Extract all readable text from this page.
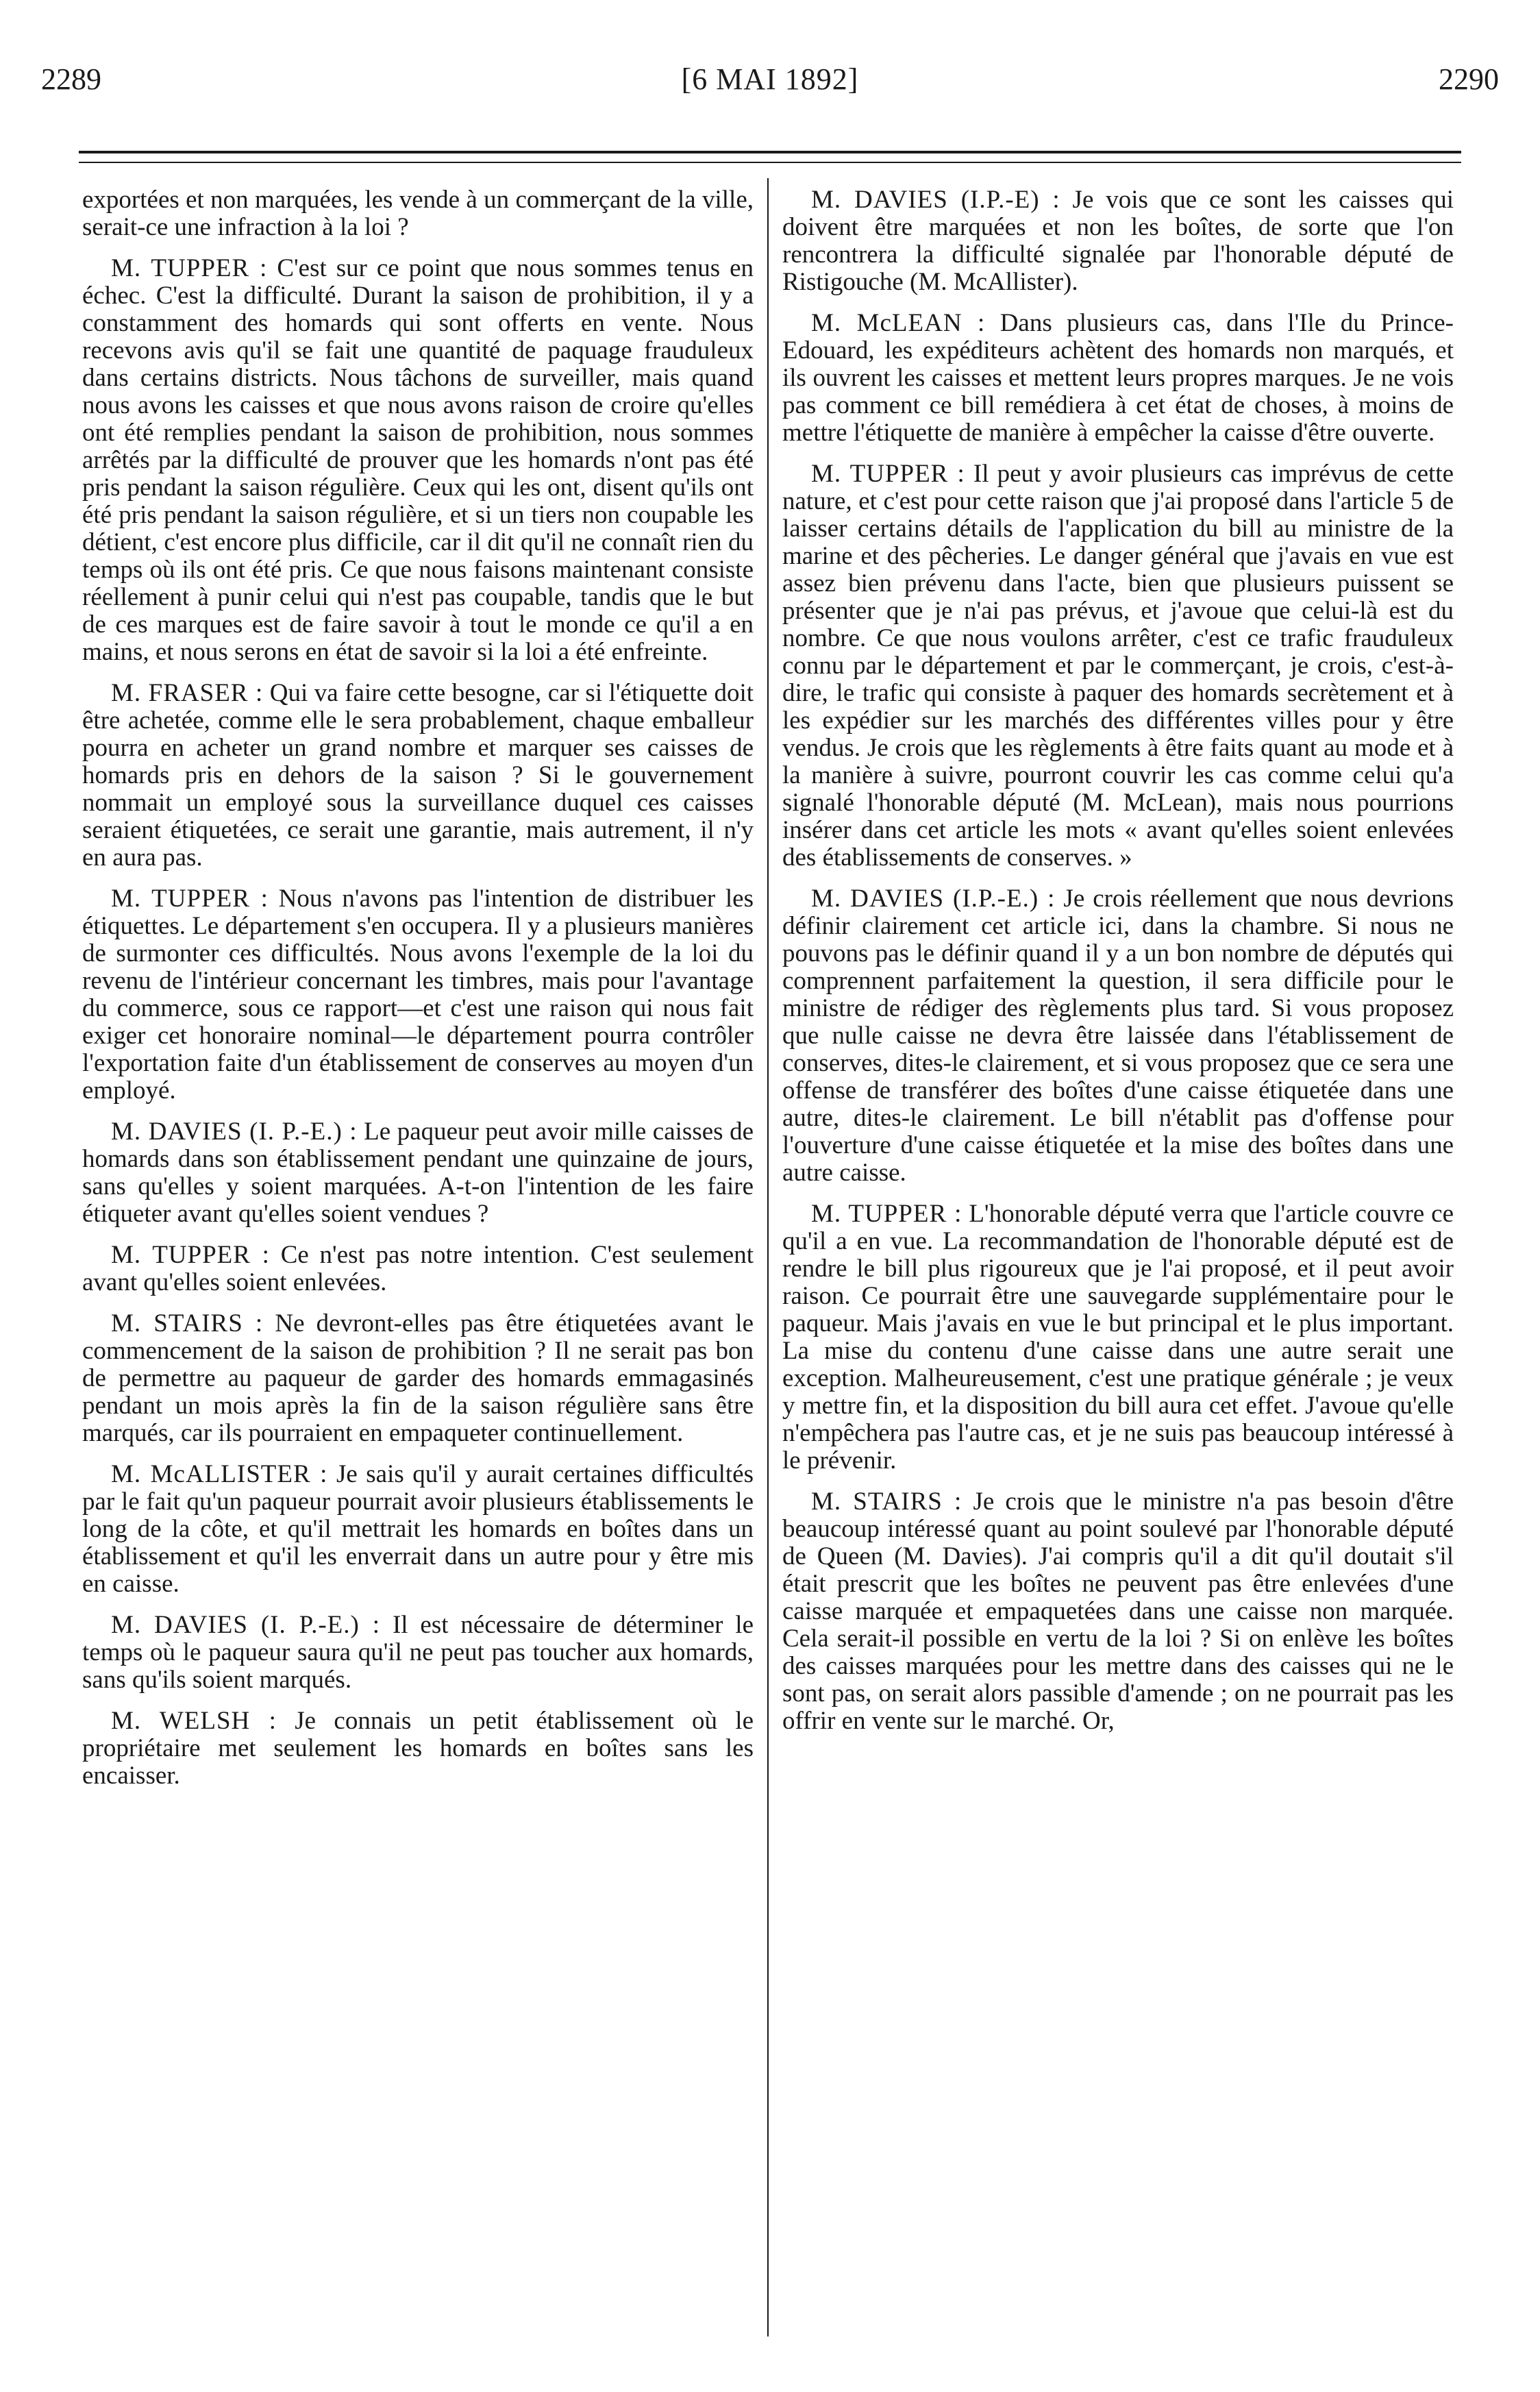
2289	[6 MAI 1892]	2290

exportées et non marquées, les vende à un commerçant de la ville, serait-ce une infraction à la loi ?

M. TUPPER : C'est sur ce point que nous sommes tenus en échec. C'est la difficulté. Durant la saison de prohibition, il y a constamment des homards qui sont offerts en vente. Nous recevons avis qu'il se fait une quantité de paquage frauduleux dans certains districts. Nous tâchons de surveiller, mais quand nous avons les caisses et que nous avons raison de croire qu'elles ont été remplies pendant la saison de prohibition, nous sommes arrêtés par la difficulté de prouver que les homards n'ont pas été pris pendant la saison régulière. Ceux qui les ont, disent qu'ils ont été pris pendant la saison régulière, et si un tiers non coupable les détient, c'est encore plus difficile, car il dit qu'il ne connaît rien du temps où ils ont été pris. Ce que nous faisons maintenant consiste réellement à punir celui qui n'est pas coupable, tandis que le but de ces marques est de faire savoir à tout le monde ce qu'il a en mains, et nous serons en état de savoir si la loi a été enfreinte.

M. FRASER : Qui va faire cette besogne, car si l'étiquette doit être achetée, comme elle le sera probablement, chaque emballeur pourra en acheter un grand nombre et marquer ses caisses de homards pris en dehors de la saison ? Si le gouvernement nommait un employé sous la surveillance duquel ces caisses seraient étiquetées, ce serait une garantie, mais autrement, il n'y en aura pas.

M. TUPPER : Nous n'avons pas l'intention de distribuer les étiquettes. Le département s'en occupera. Il y a plusieurs manières de surmonter ces difficultés. Nous avons l'exemple de la loi du revenu de l'intérieur concernant les timbres, mais pour l'avantage du commerce, sous ce rapport—et c'est une raison qui nous fait exiger cet honoraire nominal—le département pourra contrôler l'exportation faite d'un établissement de conserves au moyen d'un employé.

M. DAVIES (I. P.-E.) : Le paqueur peut avoir mille caisses de homards dans son établissement pendant une quinzaine de jours, sans qu'elles y soient marquées. A-t-on l'intention de les faire étiqueter avant qu'elles soient vendues ?

M. TUPPER : Ce n'est pas notre intention. C'est seulement avant qu'elles soient enlevées.

M. STAIRS : Ne devront-elles pas être étiquetées avant le commencement de la saison de prohibition ? Il ne serait pas bon de permettre au paqueur de garder des homards emmagasinés pendant un mois après la fin de la saison régulière sans être marqués, car ils pourraient en empaqueter continuellement.

M. McALLISTER : Je sais qu'il y aurait certaines difficultés par le fait qu'un paqueur pourrait avoir plusieurs établissements le long de la côte, et qu'il mettrait les homards en boîtes dans un établissement et qu'il les enverrait dans un autre pour y être mis en caisse.

M. DAVIES (I. P.-E.) : Il est nécessaire de déterminer le temps où le paqueur saura qu'il ne peut pas toucher aux homards, sans qu'ils soient marqués.

M. WELSH : Je connais un petit établissement où le propriétaire met seulement les homards en boîtes sans les encaisser.

M. DAVIES (I.P.-E) : Je vois que ce sont les caisses qui doivent être marquées et non les boîtes, de sorte que l'on rencontrera la difficulté signalée par l'honorable député de Ristigouche (M. McAllister).

M. McLEAN : Dans plusieurs cas, dans l'Ile du Prince-Edouard, les expéditeurs achètent des homards non marqués, et ils ouvrent les caisses et mettent leurs propres marques. Je ne vois pas comment ce bill remédiera à cet état de choses, à moins de mettre l'étiquette de manière à empêcher la caisse d'être ouverte.

M. TUPPER : Il peut y avoir plusieurs cas imprévus de cette nature, et c'est pour cette raison que j'ai proposé dans l'article 5 de laisser certains détails de l'application du bill au ministre de la marine et des pêcheries. Le danger général que j'avais en vue est assez bien prévenu dans l'acte, bien que plusieurs puissent se présenter que je n'ai pas prévus, et j'avoue que celui-là est du nombre. Ce que nous voulons arrêter, c'est ce trafic frauduleux connu par le département et par le commerçant, je crois, c'est-à-dire, le trafic qui consiste à paquer des homards secrètement et à les expédier sur les marchés des différentes villes pour y être vendus. Je crois que les règlements à être faits quant au mode et à la manière à suivre, pourront couvrir les cas comme celui qu'a signalé l'honorable député (M. McLean), mais nous pourrions insérer dans cet article les mots « avant qu'elles soient enlevées des établissements de conserves. »

M. DAVIES (I.P.-E.) : Je crois réellement que nous devrions définir clairement cet article ici, dans la chambre. Si nous ne pouvons pas le définir quand il y a un bon nombre de députés qui comprennent parfaitement la question, il sera difficile pour le ministre de rédiger des règlements plus tard. Si vous proposez que nulle caisse ne devra être laissée dans l'établissement de conserves, dites-le clairement, et si vous proposez que ce sera une offense de transférer des boîtes d'une caisse étiquetée dans une autre, dites-le clairement. Le bill n'établit pas d'offense pour l'ouverture d'une caisse étiquetée et la mise des boîtes dans une autre caisse.

M. TUPPER : L'honorable député verra que l'article couvre ce qu'il a en vue. La recommandation de l'honorable député est de rendre le bill plus rigoureux que je l'ai proposé, et il peut avoir raison. Ce pourrait être une sauvegarde supplémentaire pour le paqueur. Mais j'avais en vue le but principal et le plus important. La mise du contenu d'une caisse dans une autre serait une exception. Malheureusement, c'est une pratique générale ; je veux y mettre fin, et la disposition du bill aura cet effet. J'avoue qu'elle n'empêchera pas l'autre cas, et je ne suis pas beaucoup intéressé à le prévenir.

M. STAIRS : Je crois que le ministre n'a pas besoin d'être beaucoup intéressé quant au point soulevé par l'honorable député de Queen (M. Davies). J'ai compris qu'il a dit qu'il doutait s'il était prescrit que les boîtes ne peuvent pas être enlevées d'une caisse marquée et empaquetées dans une caisse non marquée. Cela serait-il possible en vertu de la loi ? Si on enlève les boîtes des caisses marquées pour les mettre dans des caisses qui ne le sont pas, on serait alors passible d'amende ; on ne pourrait pas les offrir en vente sur le marché. Or,
